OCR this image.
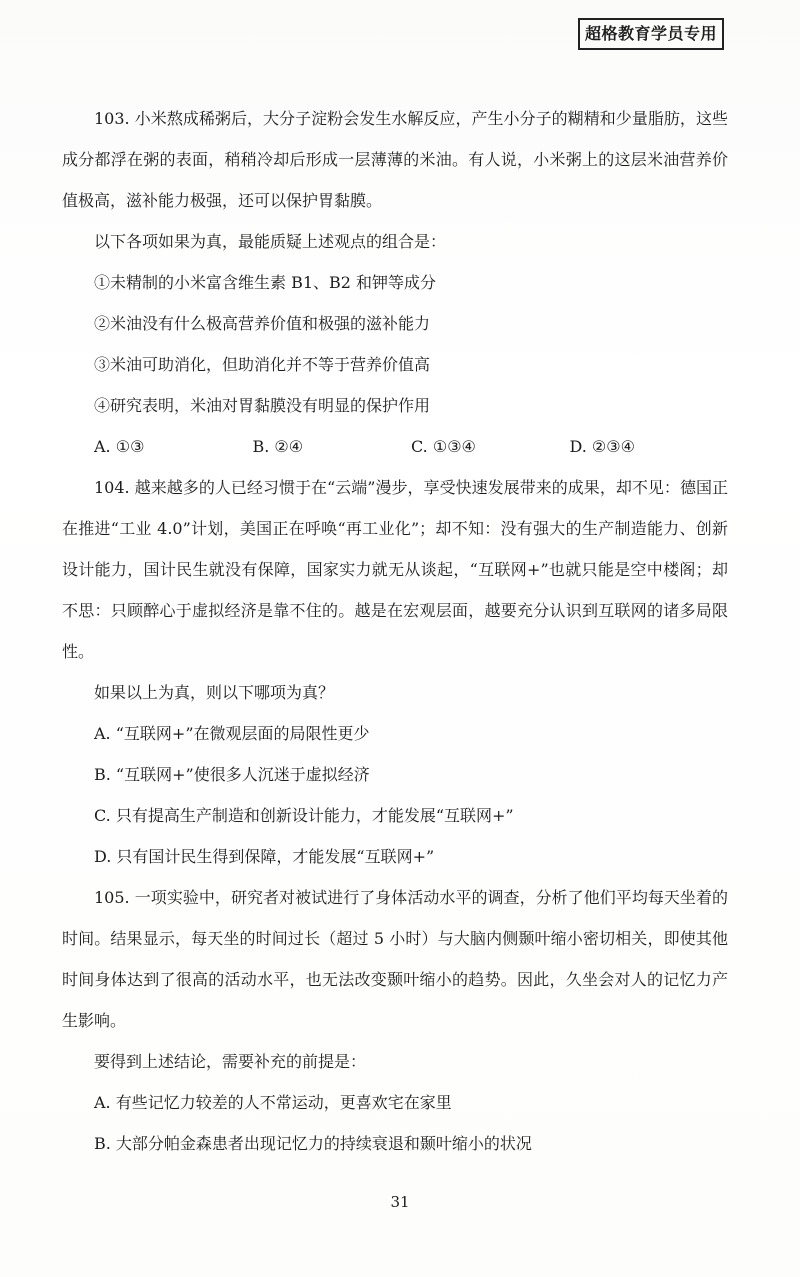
超格教育学员专用

103. 小米熬成稀粥后，大分子淀粉会发生水解反应，产生小分子的糊精和少量脂肪，这些成分都浮在粥的表面，稍稍冷却后形成一层薄薄的米油。有人说，小米粥上的这层米油营养价值极高，滋补能力极强，还可以保护胃黏膜。

以下各项如果为真，最能质疑上述观点的组合是：

①未精制的小米富含维生素 B1、B2 和钾等成分

②米油没有什么极高营养价值和极强的滋补能力

③米油可助消化，但助消化并不等于营养价值高

④研究表明，米油对胃黏膜没有明显的保护作用

A. ①③	B. ②④	C. ①③④	D. ②③④

104. 越来越多的人已经习惯于在“云端”漫步，享受快速发展带来的成果，却不见：德国正在推进“工业 4.0”计划，美国正在呼唤“再工业化”；却不知：没有强大的生产制造能力、创新设计能力，国计民生就没有保障，国家实力就无从谈起，“互联网+”也就只能是空中楼阁；却不思：只顾醉心于虚拟经济是靠不住的。越是在宏观层面，越要充分认识到互联网的诸多局限性。

如果以上为真，则以下哪项为真？

A. “互联网+”在微观层面的局限性更少

B. “互联网+”使很多人沉迷于虚拟经济

C. 只有提高生产制造和创新设计能力，才能发展“互联网+”

D. 只有国计民生得到保障，才能发展“互联网+”

105. 一项实验中，研究者对被试进行了身体活动水平的调查，分析了他们平均每天坐着的时间。结果显示，每天坐的时间过长（超过 5 小时）与大脑内侧颞叶缩小密切相关，即使其他时间身体达到了很高的活动水平，也无法改变颞叶缩小的趋势。因此，久坐会对人的记忆力产生影响。

要得到上述结论，需要补充的前提是：

A. 有些记忆力较差的人不常运动，更喜欢宅在家里

B. 大部分帕金森患者出现记忆力的持续衰退和颞叶缩小的状况

31
